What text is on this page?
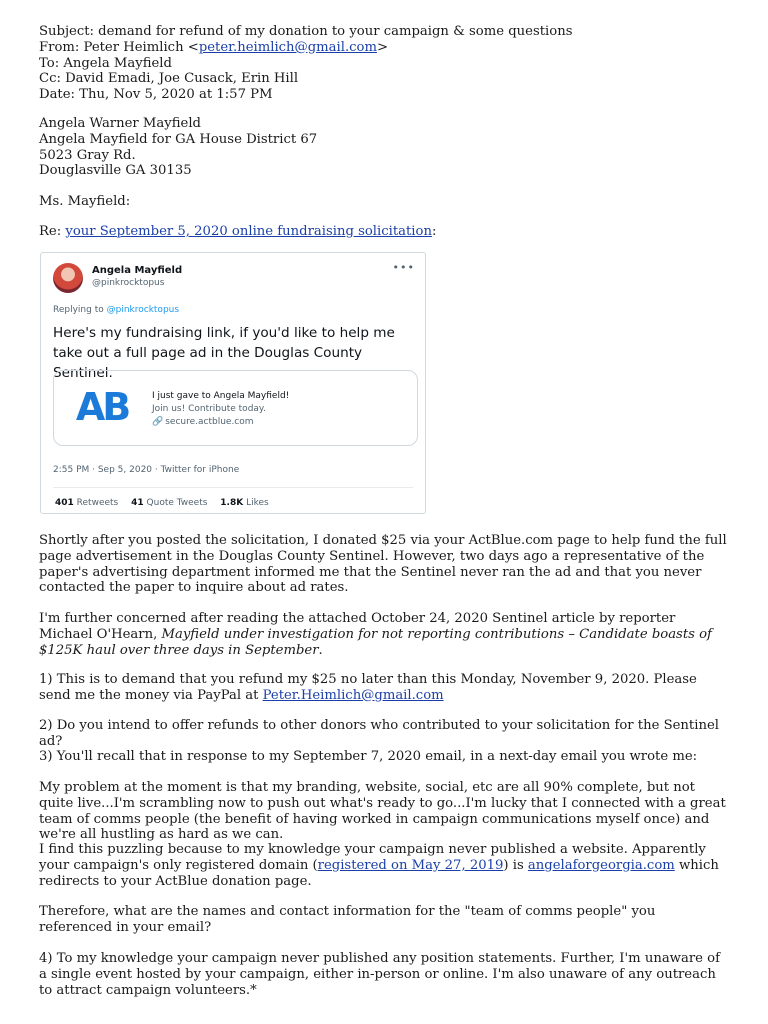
Subject: demand for refund of my donation to your campaign & some questions

From: Peter Heimlich <peter.heimlich@gmail.com>

To: Angela Mayfield

Cc: David Emadi, Joe Cusack, Erin Hill

Date: Thu, Nov 5, 2020 at 1:57 PM

Angela Warner Mayfield

Angela Mayfield for GA House District 67

5023 Gray Rd.

Douglasville GA 30135

Ms. Mayfield:
Re: your September 5, 2020 online fundraising solicitation:
Angela Mayfield
@pinkrocktopus
•••
Replying to @pinkrocktopus
Here's my fundraising link, if you'd like to help me take out a full page ad in the Douglas County Sentinel.
AB	I just gave to Angela Mayfield!
Join us! Contribute today.
🔗 secure.actblue.com
2:55 PM · Sep 5, 2020 · Twitter for iPhone
401 Retweets 41 Quote Tweets 1.8K Likes
Shortly after you posted the solicitation, I donated $25 via your ActBlue.com page to help fund the full page advertisement in the Douglas County Sentinel. However, two days ago a representative of the paper's advertising department informed me that the Sentinel never ran the ad and that you never contacted the paper to inquire about ad rates.
I'm further concerned after reading the attached October 24, 2020 Sentinel article by reporter Michael O'Hearn, Mayfield under investigation for not reporting contributions – Candidate boasts of $125K haul over three days in September.
1) This is to demand that you refund my $25 no later than this Monday, November 9, 2020. Please send me the money via PayPal at Peter.Heimlich@gmail.com
2) Do you intend to offer refunds to other donors who contributed to your solicitation for the Sentinel ad?
3) You'll recall that in response to my September 7, 2020 email, in a next-day email you wrote me:
My problem at the moment is that my branding, website, social, etc are all 90% complete, but not quite live...I'm scrambling now to push out what's ready to go...I'm lucky that I connected with a great team of comms people (the benefit of having worked in campaign communications myself once) and we're all hustling as hard as we can.
I find this puzzling because to my knowledge your campaign never published a website. Apparently your campaign's only registered domain (registered on May 27, 2019) is angelaforgeorgia.com which redirects to your ActBlue donation page.
Therefore, what are the names and contact information for the "team of comms people" you referenced in your email?
4) To my knowledge your campaign never published any position statements. Further, I'm unaware of a single event hosted by your campaign, either in-person or online. I'm also unaware of any outreach to attract campaign volunteers.*
